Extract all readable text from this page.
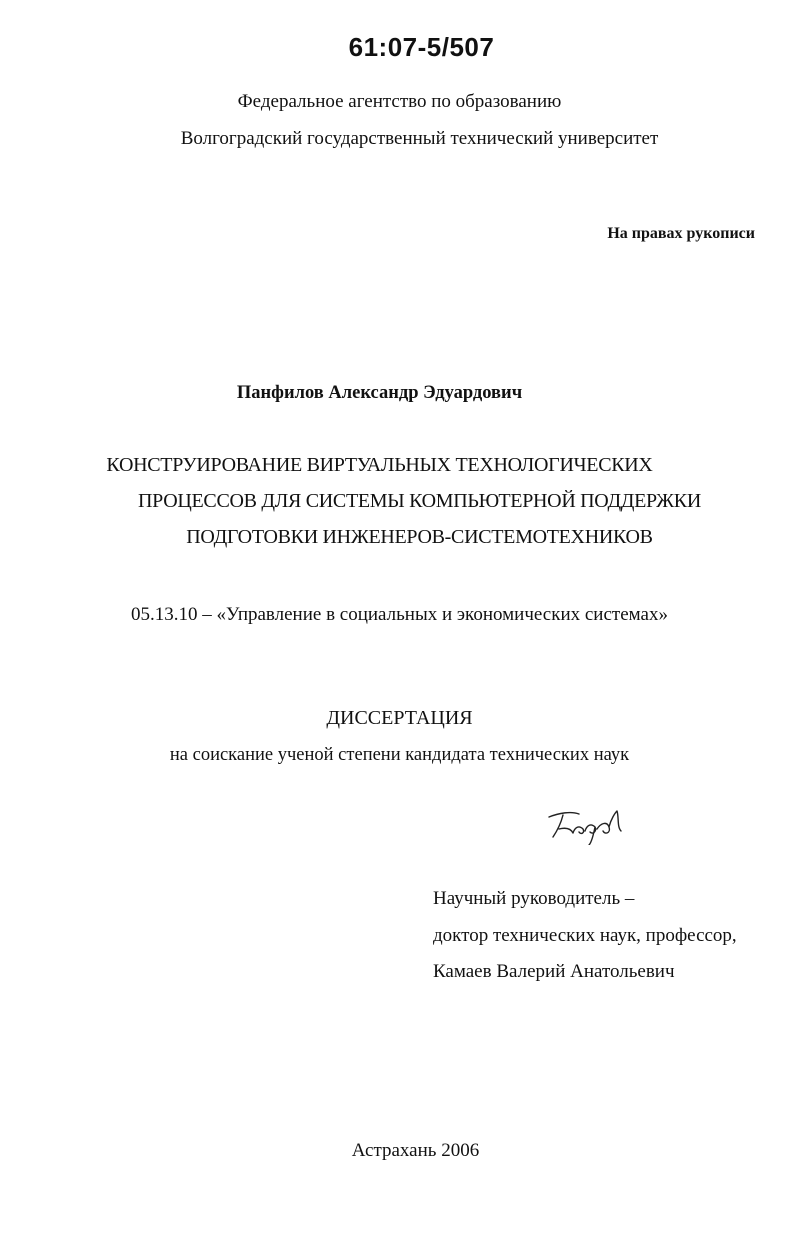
61:07-5/507
Федеральное агентство по образованию
Волгоградский государственный технический университет
На правах рукописи
Панфилов Александр Эдуардович
КОНСТРУИРОВАНИЕ ВИРТУАЛЬНЫХ ТЕХНОЛОГИЧЕСКИХ
ПРОЦЕССОВ ДЛЯ СИСТЕМЫ КОМПЬЮТЕРНОЙ ПОДДЕРЖКИ
ПОДГОТОВКИ ИНЖЕНЕРОВ-СИСТЕМОТЕХНИКОВ
05.13.10 – «Управление в социальных и экономических системах»
ДИССЕРТАЦИЯ
на соискание ученой степени кандидата технических наук
Научный руководитель –
доктор технических наук, профессор,
Камаев Валерий Анатольевич
Астрахань 2006
